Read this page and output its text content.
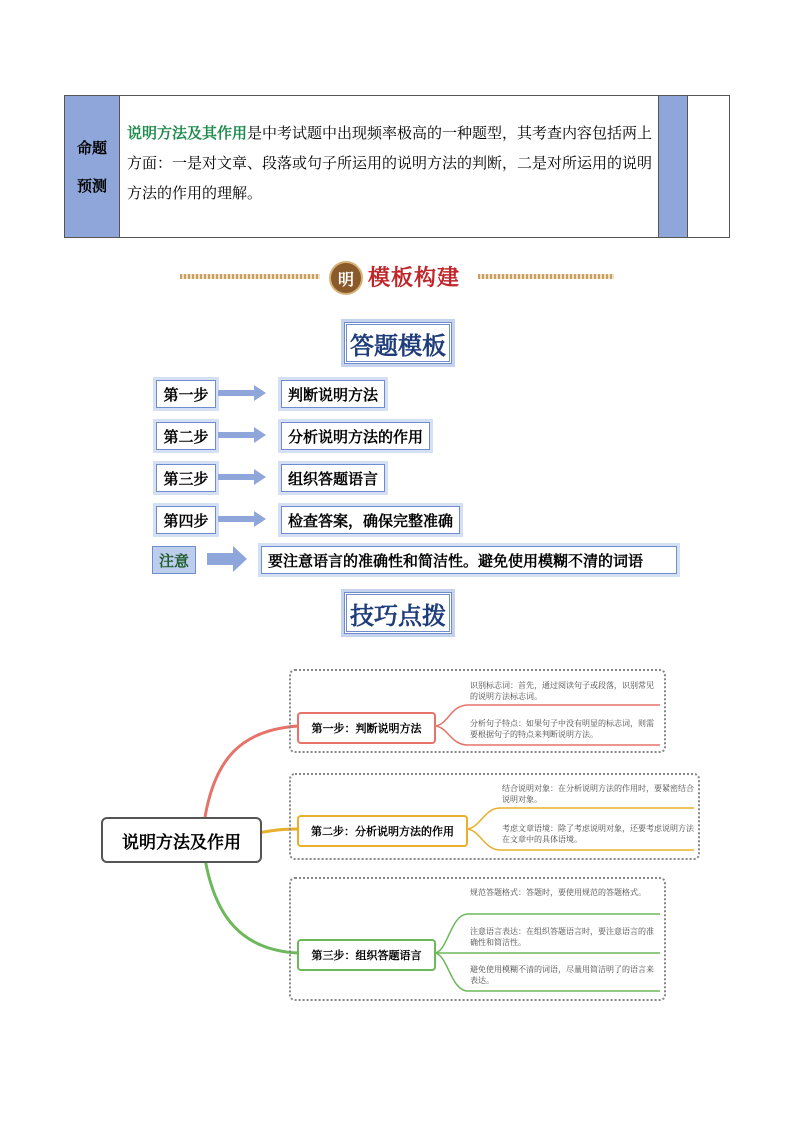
命题
预测
说明方法及其作用是中考试题中出现频率极高的一种题型，其考查内容包括两上方面：一是对文章、段落或句子所运用的说明方法的判断，二是对所运用的说明方法的作用的理解。
明 模板构建
答题模板
第一步	判断说明方法
第二步	分析说明方法的作用
第三步	组织答题语言
第四步	检查答案，确保完整准确
注意	要注意语言的准确性和简洁性。避免使用模糊不清的词语
技巧点拨
说明方法及作用
第一步：判断说明方法
识别标志词：首先，通过阅读句子或段落，识别常见的说明方法标志词。
分析句子特点：如果句子中没有明显的标志词，则需要根据句子的特点来判断说明方法。
第二步：分析说明方法的作用
结合说明对象：在分析说明方法的作用时，要紧密结合说明对象。
考虑文章语境：除了考虑说明对象，还要考虑说明方法在文章中的具体语境。
第三步：组织答题语言
规范答题格式：答题时，要使用规范的答题格式。
注意语言表达：在组织答题语言时，要注意语言的准确性和简洁性。
避免使用模糊不清的词语，尽量用简洁明了的语言来表达。
